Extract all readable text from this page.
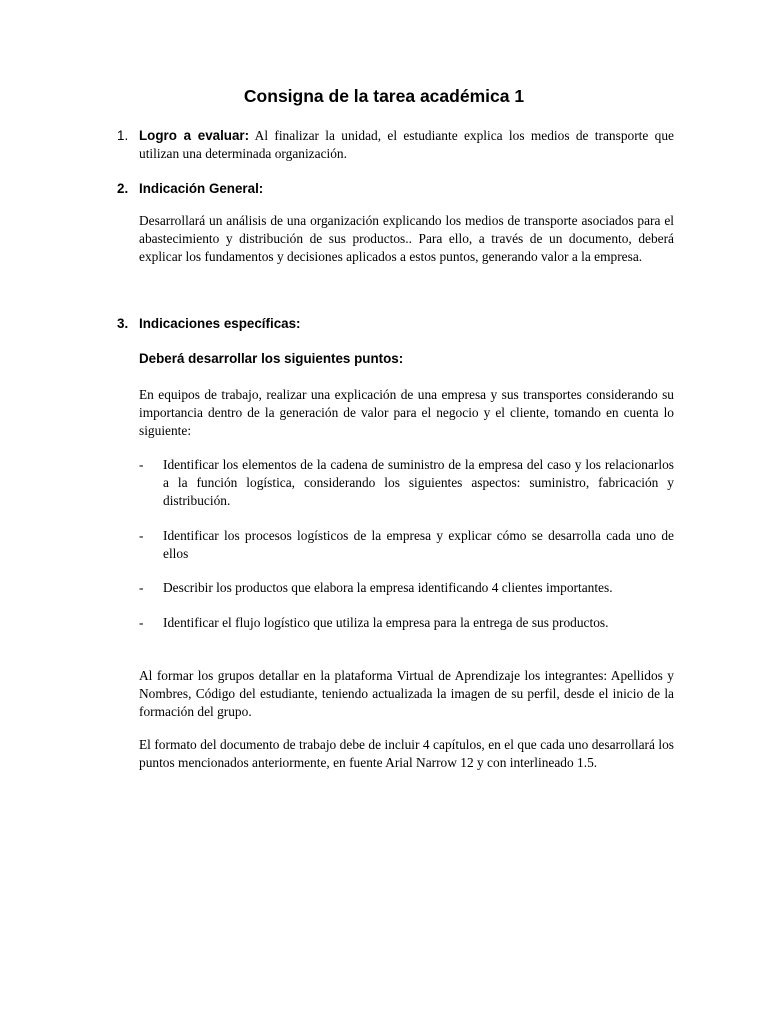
Consigna de la tarea académica 1
1. Logro a evaluar: Al finalizar la unidad, el estudiante explica los medios de transporte que utilizan una determinada organización.

2. Indicación General:

Desarrollará un análisis de una organización explicando los medios de transporte asociados para el abastecimiento y distribución de sus productos.. Para ello, a través de un documento, deberá explicar los fundamentos y decisiones aplicados a estos puntos, generando valor a la empresa.

3. Indicaciones específicas:

Deberá desarrollar los siguientes puntos:

En equipos de trabajo, realizar una explicación de una empresa y sus transportes considerando su importancia dentro de la generación de valor para el negocio y el cliente, tomando en cuenta lo siguiente:

- Identificar los elementos de la cadena de suministro de la empresa del caso y los relacionarlos a la función logística, considerando los siguientes aspectos: suministro, fabricación y distribución.

- Identificar los procesos logísticos de la empresa y explicar cómo se desarrolla cada uno de ellos

- Describir los productos que elabora la empresa identificando 4 clientes importantes.

- Identificar el flujo logístico que utiliza la empresa para la entrega de sus productos.

Al formar los grupos detallar en la plataforma Virtual de Aprendizaje los integrantes: Apellidos y Nombres, Código del estudiante, teniendo actualizada la imagen de su perfil, desde el inicio de la formación del grupo.

El formato del documento de trabajo debe de incluir 4 capítulos, en el que cada uno desarrollará los puntos mencionados anteriormente, en fuente Arial Narrow 12 y con interlineado 1.5.
